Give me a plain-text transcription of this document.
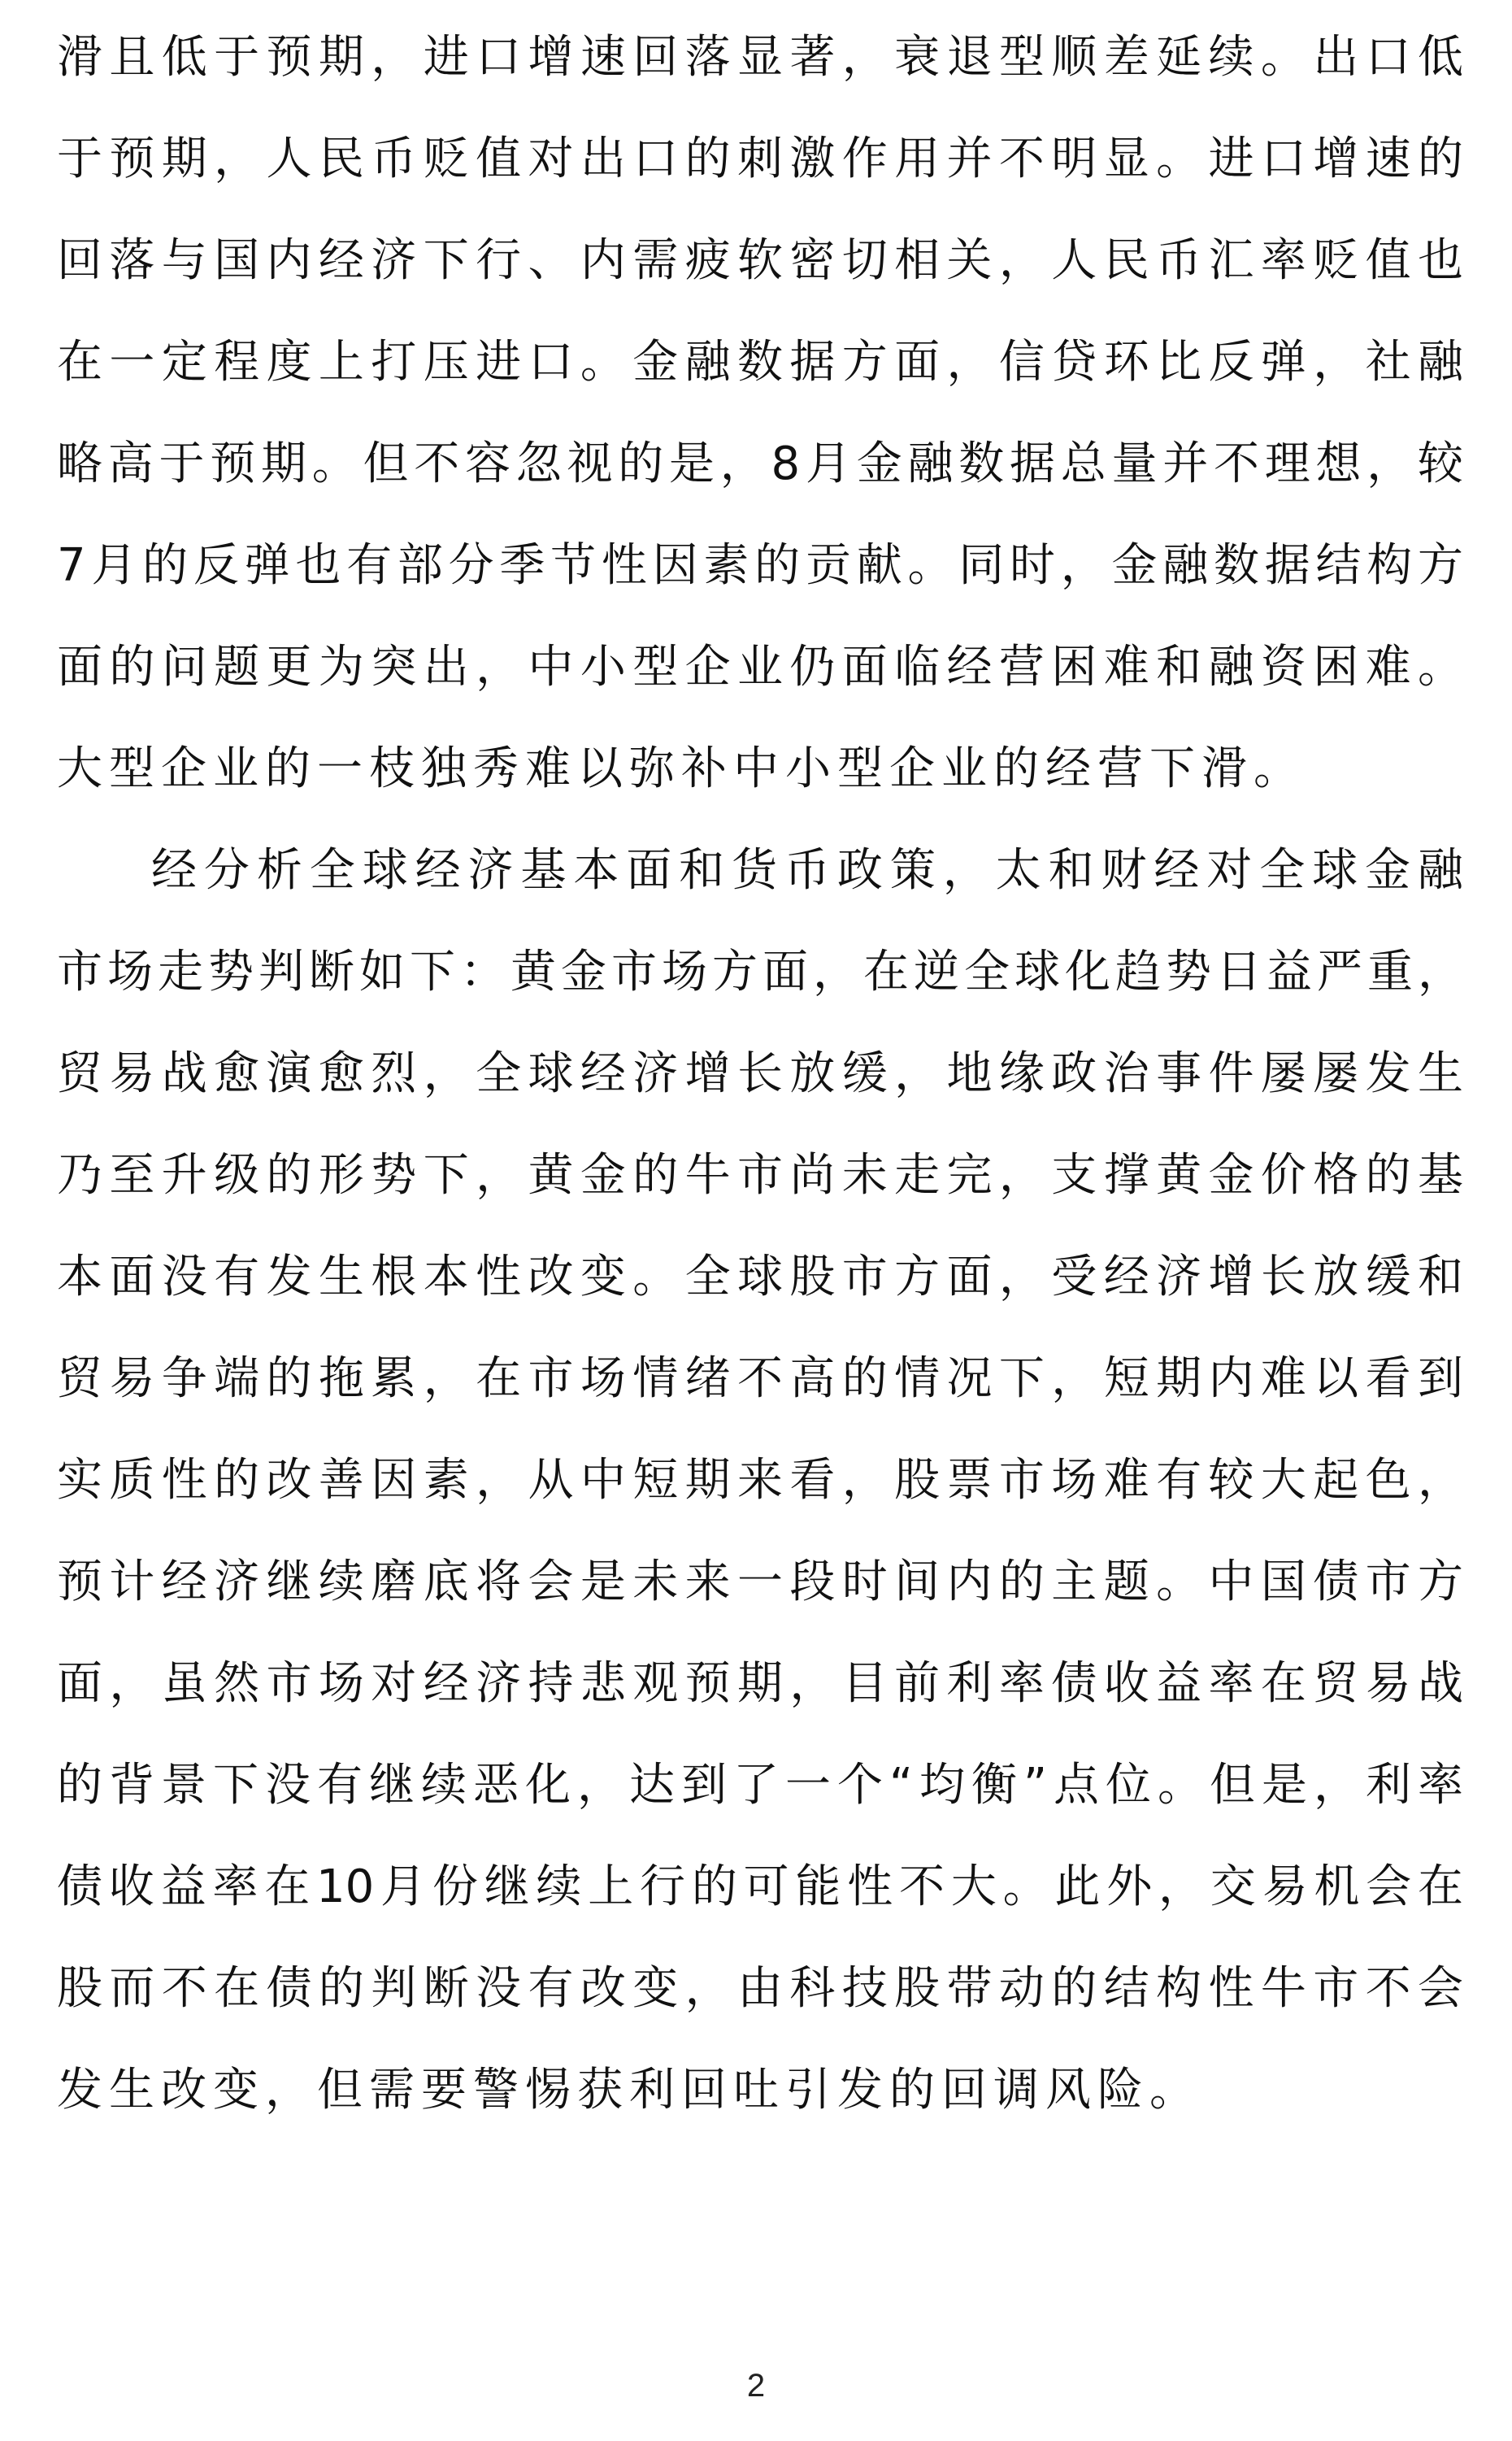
滑且低于预期，进口增速回落显著，衰退型顺差延续。出口低
于预期，人民币贬值对出口的刺激作用并不明显。进口增速的
回落与国内经济下行、内需疲软密切相关，人民币汇率贬值也
在一定程度上打压进口。金融数据方面，信贷环比反弹，社融
略高于预期。但不容忽视的是，8月金融数据总量并不理想，较
7月的反弹也有部分季节性因素的贡献。同时，金融数据结构方
面的问题更为突出，中小型企业仍面临经营困难和融资困难。
大型企业的一枝独秀难以弥补中小型企业的经营下滑。
经分析全球经济基本面和货币政策，太和财经对全球金融
市场走势判断如下：黄金市场方面，在逆全球化趋势日益严重，
贸易战愈演愈烈，全球经济增长放缓，地缘政治事件屡屡发生
乃至升级的形势下，黄金的牛市尚未走完，支撑黄金价格的基
本面没有发生根本性改变。全球股市方面，受经济增长放缓和
贸易争端的拖累，在市场情绪不高的情况下，短期内难以看到
实质性的改善因素，从中短期来看，股票市场难有较大起色，
预计经济继续磨底将会是未来一段时间内的主题。中国债市方
面，虽然市场对经济持悲观预期，目前利率债收益率在贸易战
的背景下没有继续恶化，达到了一个“均衡”点位。但是，利率
债收益率在10月份继续上行的可能性不大。此外，交易机会在
股而不在债的判断没有改变，由科技股带动的结构性牛市不会
发生改变，但需要警惕获利回吐引发的回调风险。
2
